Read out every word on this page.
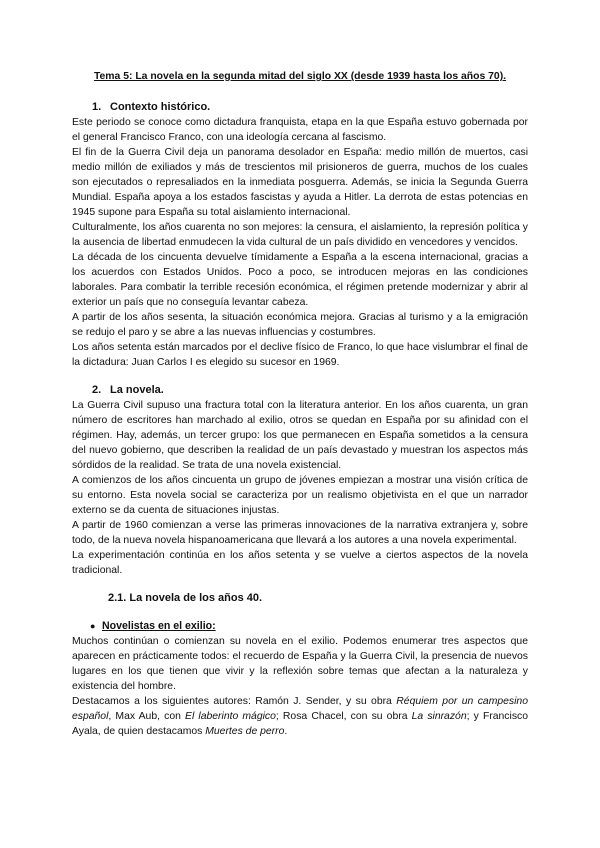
Tema 5: La novela en la segunda mitad del siglo XX (desde 1939 hasta los años 70).
1. Contexto histórico.

Este periodo se conoce como dictadura franquista, etapa en la que España estuvo gobernada por el general Francisco Franco, con una ideología cercana al fascismo.

El fin de la Guerra Civil deja un panorama desolador en España: medio millón de muertos, casi medio millón de exiliados y más de trescientos mil prisioneros de guerra, muchos de los cuales son ejecutados o represaliados en la inmediata posguerra. Además, se inicia la Segunda Guerra Mundial. España apoya a los estados fascistas y ayuda a Hitler. La derrota de estas potencias en 1945 supone para España su total aislamiento internacional.

Culturalmente, los años cuarenta no son mejores: la censura, el aislamiento, la represión política y la ausencia de libertad enmudecen la vida cultural de un país dividido en vencedores y vencidos.

La década de los cincuenta devuelve tímidamente a España a la escena internacional, gracias a los acuerdos con Estados Unidos. Poco a poco, se introducen mejoras en las condiciones laborales. Para combatir la terrible recesión económica, el régimen pretende modernizar y abrir al exterior un país que no conseguía levantar cabeza.

A partir de los años sesenta, la situación económica mejora. Gracias al turismo y a la emigración se redujo el paro y se abre a las nuevas influencias y costumbres.

Los años setenta están marcados por el declive físico de Franco, lo que hace vislumbrar el final de la dictadura: Juan Carlos I es elegido su sucesor en 1969.

2. La novela.

La Guerra Civil supuso una fractura total con la literatura anterior. En los años cuarenta, un gran número de escritores han marchado al exilio, otros se quedan en España por su afinidad con el régimen. Hay, además, un tercer grupo: los que permanecen en España sometidos a la censura del nuevo gobierno, que describen la realidad de un país devastado y muestran los aspectos más sórdidos de la realidad. Se trata de una novela existencial.

A comienzos de los años cincuenta un grupo de jóvenes empiezan a mostrar una visión crítica de su entorno. Esta novela social se caracteriza por un realismo objetivista en el que un narrador externo se da cuenta de situaciones injustas.

A partir de 1960 comienzan a verse las primeras innovaciones de la narrativa extranjera y, sobre todo, de la nueva novela hispanoamericana que llevará a los autores a una novela experimental.

La experimentación continúa en los años setenta y se vuelve a ciertos aspectos de la novela tradicional.

2.1. La novela de los años 40.
● Novelistas en el exilio:

Muchos continúan o comienzan su novela en el exilio. Podemos enumerar tres aspectos que aparecen en prácticamente todos: el recuerdo de España y la Guerra Civil, la presencia de nuevos lugares en los que tienen que vivir y la reflexión sobre temas que afectan a la naturaleza y existencia del hombre.

Destacamos a los siguientes autores: Ramón J. Sender, y su obra Réquiem por un campesino español, Max Aub, con El laberinto mágico; Rosa Chacel, con su obra La sinrazón; y Francisco Ayala, de quien destacamos Muertes de perro.
